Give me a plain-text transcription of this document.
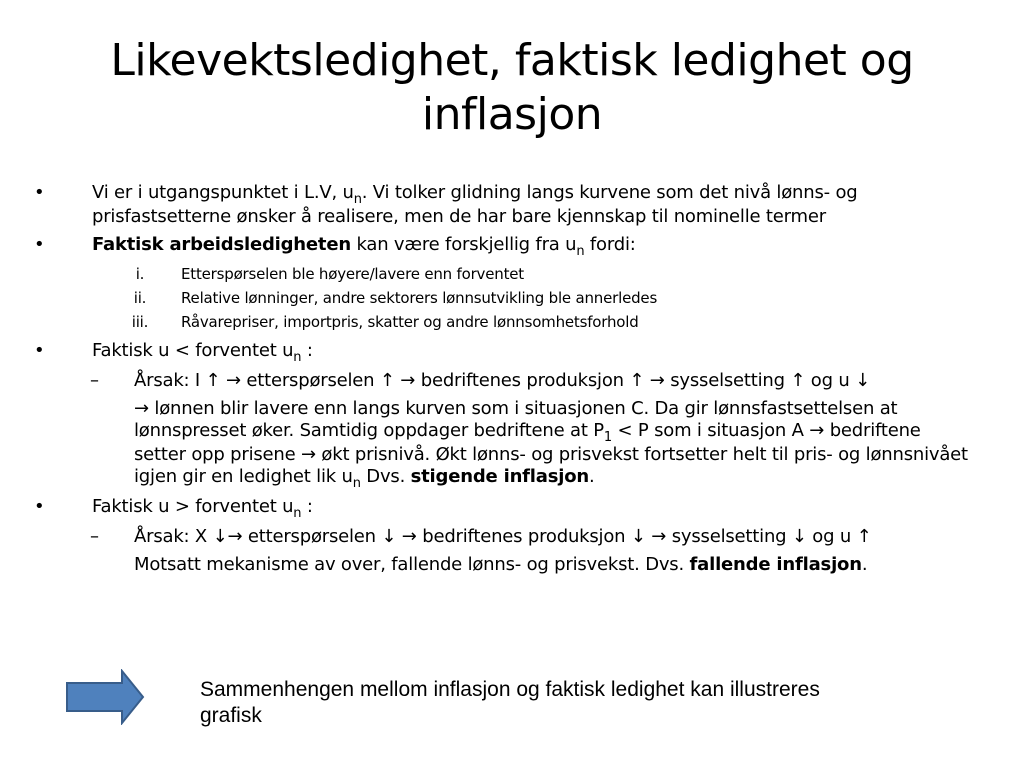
Likevektsledighet, faktisk ledighet og inflasjon
•	Vi er i utgangspunktet i L.V, $u_n$. Vi tolker glidning langs kurvene som det nivå lønns- og prisfastsetterne ønsker å realisere, men de har bare kjennskap til nominelle termer
•	Faktisk arbeidsledigheten kan være forskjellig fra $u_n$ fordi:
i.	Etterspørselen ble høyere/lavere enn forventet
ii.	Relative lønninger, andre sektorers lønnsutvikling ble annerledes
iii.	Råvarepriser, importpris, skatter og andre lønnsomhetsforhold
•	Faktisk u < forventet $u_n$ :
– Årsak: I ↑ → etterspørselen ↑ → bedriftenes produksjon ↑ → sysselsetting ↑ og u ↓
→ lønnen blir lavere enn langs kurven som i situasjonen C. Da gir lønnsfastsettelsen at lønnspresset øker. Samtidig oppdager bedriftene at $P_1 < P$ som i situasjon A → bedriftene setter opp prisene → økt prisnivå. Økt lønns- og prisvekst fortsetter helt til pris- og lønnsnivået igjen gir en ledighet lik $u_n$ Dvs. stigende inflasjon.
•	Faktisk u > forventet $u_n$ :
– Årsak: X ↓→ etterspørselen ↓ → bedriftenes produksjon ↓ → sysselsetting ↓ og u ↑
Motsatt mekanisme av over, fallende lønns- og prisvekst. Dvs. fallende inflasjon.
Sammenhengen mellom inflasjon og faktisk ledighet kan illustreres grafisk
